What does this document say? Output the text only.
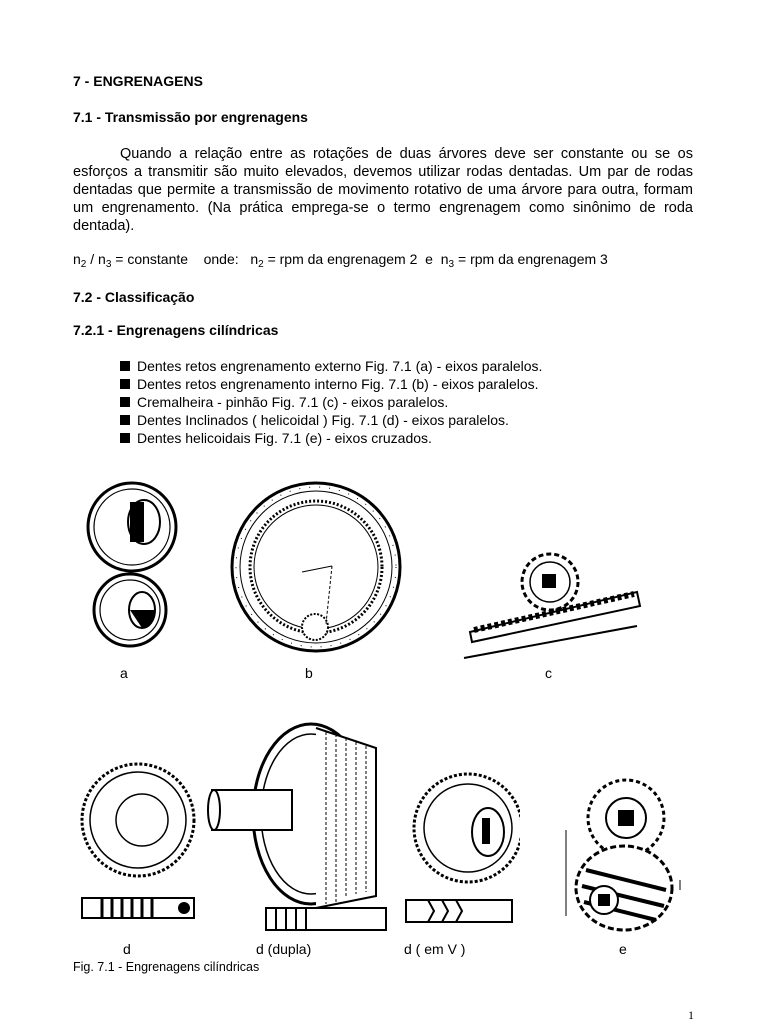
7 - ENGRENAGENS
7.1 - Transmissão por engrenagens
Quando a relação entre as rotações de duas árvores deve ser constante ou se os esforços a transmitir são muito elevados, devemos utilizar rodas dentadas. Um par de rodas dentadas que permite a transmissão de movimento rotativo de uma árvore para outra, formam um engrenamento. (Na prática emprega-se o termo engrenagem como sinônimo de roda dentada).
$n_2 / n_3$ = constante    onde:   $n_2$ = rpm da engrenagem 2  e  $n_3$ = rpm da engrenagem 3
7.2 - Classificação
7.2.1 - Engrenagens cilíndricas
Dentes retos engrenamento externo Fig. 7.1 (a) - eixos paralelos.
Dentes retos engrenamento interno Fig. 7.1 (b) - eixos paralelos.
Cremalheira - pinhão Fig. 7.1 (c) - eixos paralelos.
Dentes Inclinados ( helicoidal ) Fig. 7.1 (d) - eixos paralelos.
Dentes helicoidais Fig. 7.1 (e) - eixos cruzados.
a	b	c
d	d (dupla)	d ( em V )	e
Fig. 7.1 - Engrenagens cilíndricas
1
